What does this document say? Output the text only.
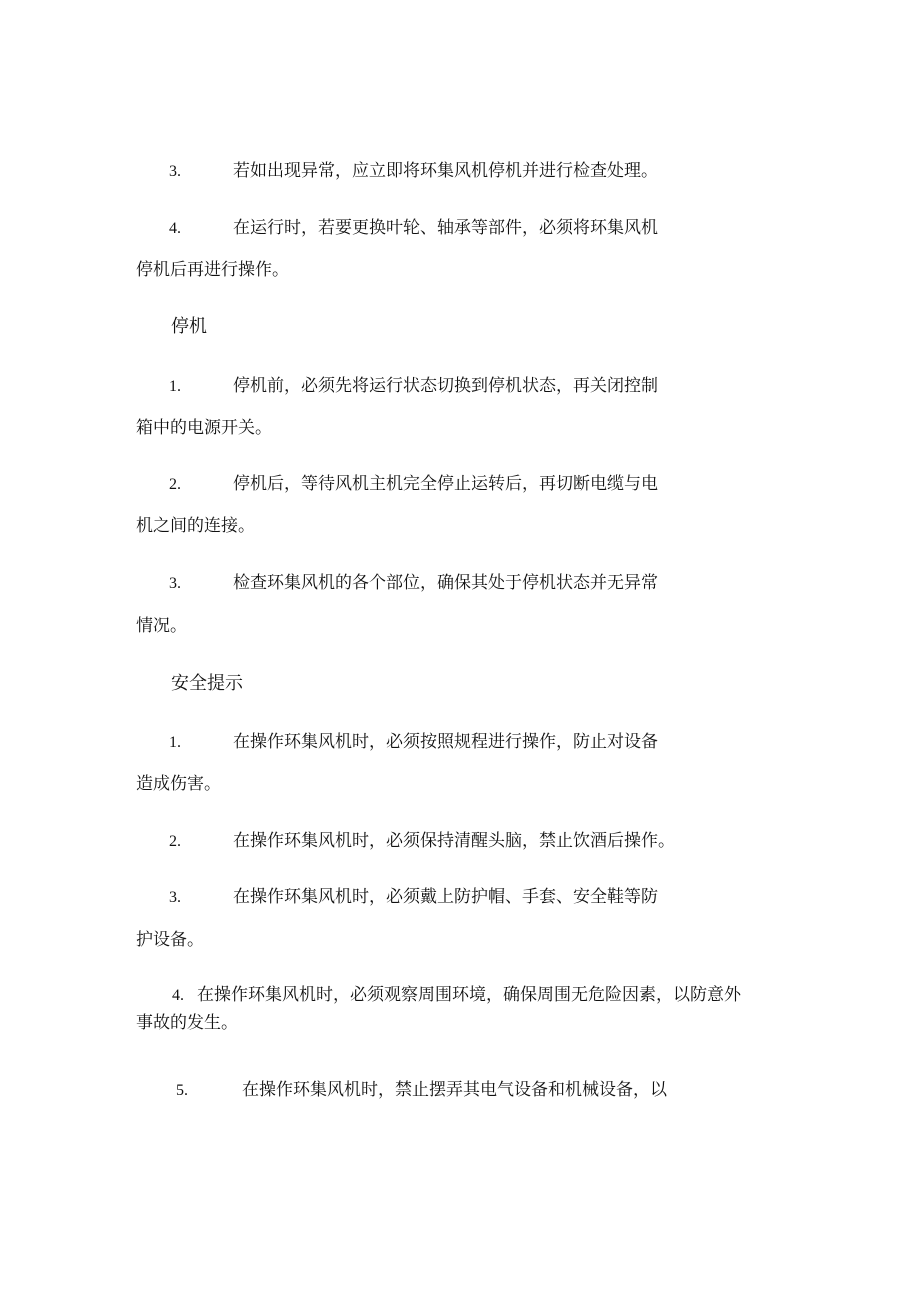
3.	若如出现异常，应立即将环集风机停机并进行检查处理。
4.	在运行时，若要更换叶轮、轴承等部件，必须将环集风机
停机后再进行操作。
停机
1.	停机前，必须先将运行状态切换到停机状态，再关闭控制
箱中的电源开关。
2.	停机后，等待风机主机完全停止运转后，再切断电缆与电
机之间的连接。
3.	检查环集风机的各个部位，确保其处于停机状态并无异常
情况。
安全提示
1.	在操作环集风机时，必须按照规程进行操作，防止对设备
造成伤害。
2.	在操作环集风机时，必须保持清醒头脑，禁止饮酒后操作。
3.	在操作环集风机时，必须戴上防护帽、手套、安全鞋等防
护设备。
4. 在操作环集风机时，必须观察周围环境，确保周围无危险因素，以防意外
事故的发生。
5.	在操作环集风机时，禁止摆弄其电气设备和机械设备，以
